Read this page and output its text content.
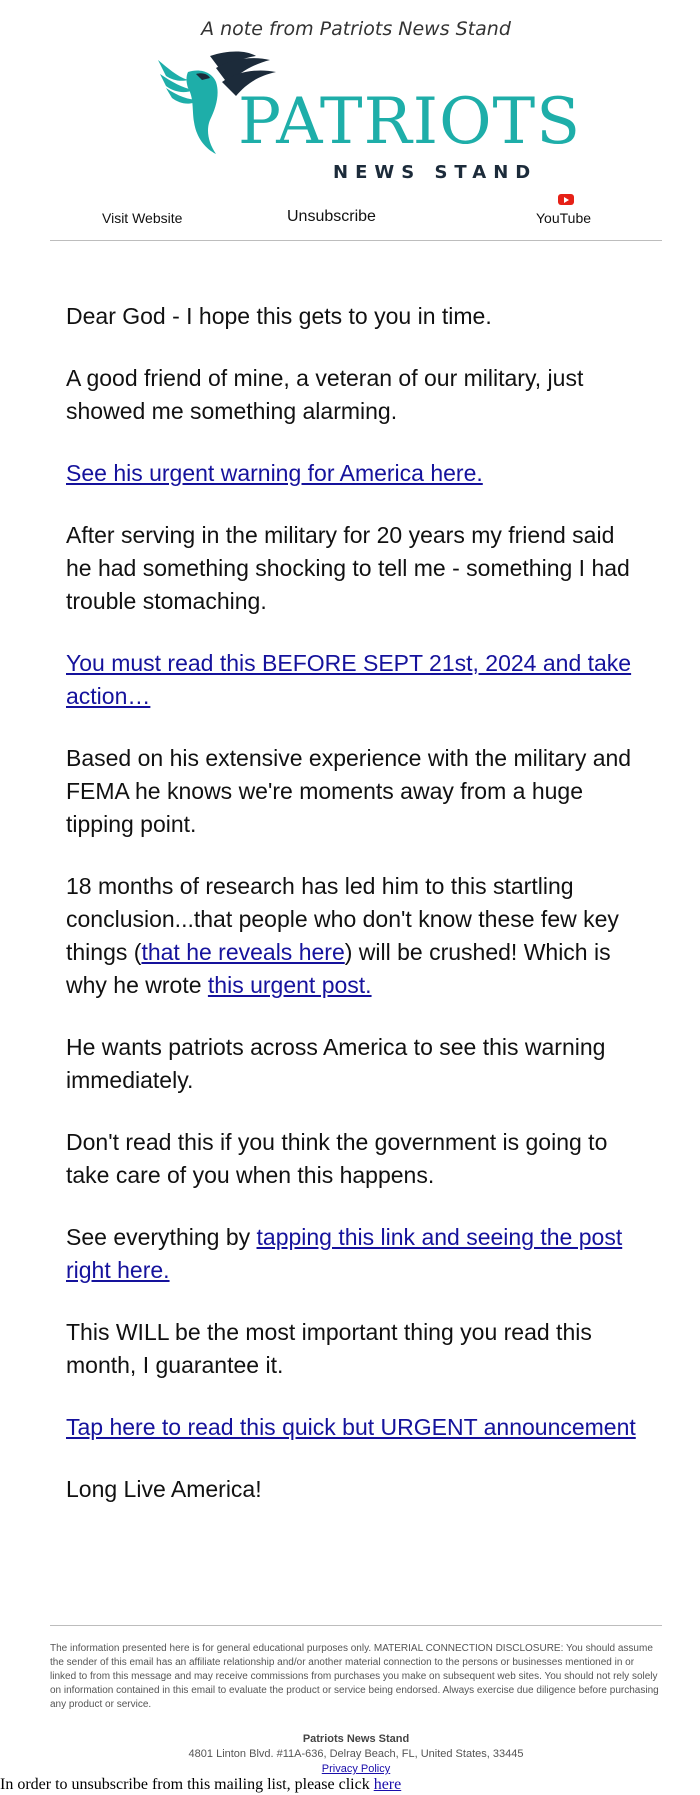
A note from Patriots News Stand
PATRIOTS
NEWS STAND
Visit Website	Unsubscribe	YouTube

Dear God - I hope this gets to you in time.

A good friend of mine, a veteran of our military, just showed me something alarming.

See his urgent warning for America here.

After serving in the military for 20 years my friend said he had something shocking to tell me - something I had trouble stomaching.

You must read this BEFORE SEPT 21st, 2024 and take action…

Based on his extensive experience with the military and FEMA he knows we're moments away from a huge tipping point.

18 months of research has led him to this startling conclusion...that people who don't know these few key things (that he reveals here) will be crushed! Which is why he wrote this urgent post.

He wants patriots across America to see this warning immediately.

Don't read this if you think the government is going to take care of you when this happens.

See everything by tapping this link and seeing the post right here.

This WILL be the most important thing you read this month, I guarantee it.

Tap here to read this quick but URGENT announcement

Long Live America!

The information presented here is for general educational purposes only. MATERIAL CONNECTION DISCLOSURE: You should assume the sender of this email has an affiliate relationship and/or another material connection to the persons or businesses mentioned in or linked to from this message and may receive commissions from purchases you make on subsequent web sites. You should not rely solely on information contained in this email to evaluate the product or service being endorsed. Always exercise due diligence before purchasing any product or service.
Patriots News Stand
4801 Linton Blvd. #11A-636, Delray Beach, FL, United States, 33445
Privacy Policy
In order to unsubscribe from this mailing list, please click here
